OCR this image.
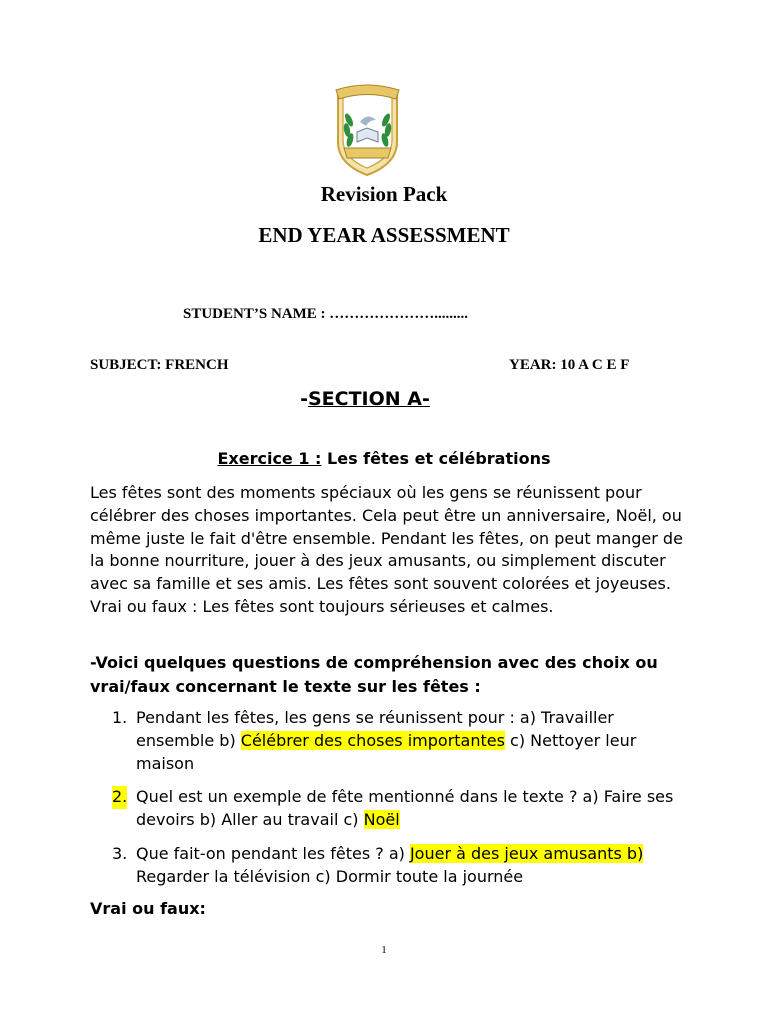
Revision Pack
END YEAR ASSESSMENT
STUDENT’S NAME : ………………….........
SUBJECT: FRENCH	YEAR: 10 A C E F
-SECTION A-
Exercice 1 : Les fêtes et célébrations
Les fêtes sont des moments spéciaux où les gens se réunissent pour célébrer des choses importantes. Cela peut être un anniversaire, Noël, ou même juste le fait d'être ensemble. Pendant les fêtes, on peut manger de la bonne nourriture, jouer à des jeux amusants, ou simplement discuter avec sa famille et ses amis. Les fêtes sont souvent colorées et joyeuses. Vrai ou faux : Les fêtes sont toujours sérieuses et calmes.
-Voici quelques questions de compréhension avec des choix ou vrai/faux concernant le texte sur les fêtes :
1. Pendant les fêtes, les gens se réunissent pour : a) Travailler ensemble b) Célébrer des choses importantes c) Nettoyer leur maison
2. Quel est un exemple de fête mentionné dans le texte ? a) Faire ses devoirs b) Aller au travail c) Noël
3. Que fait-on pendant les fêtes ? a) Jouer à des jeux amusants b) Regarder la télévision c) Dormir toute la journée
Vrai ou faux:
1
